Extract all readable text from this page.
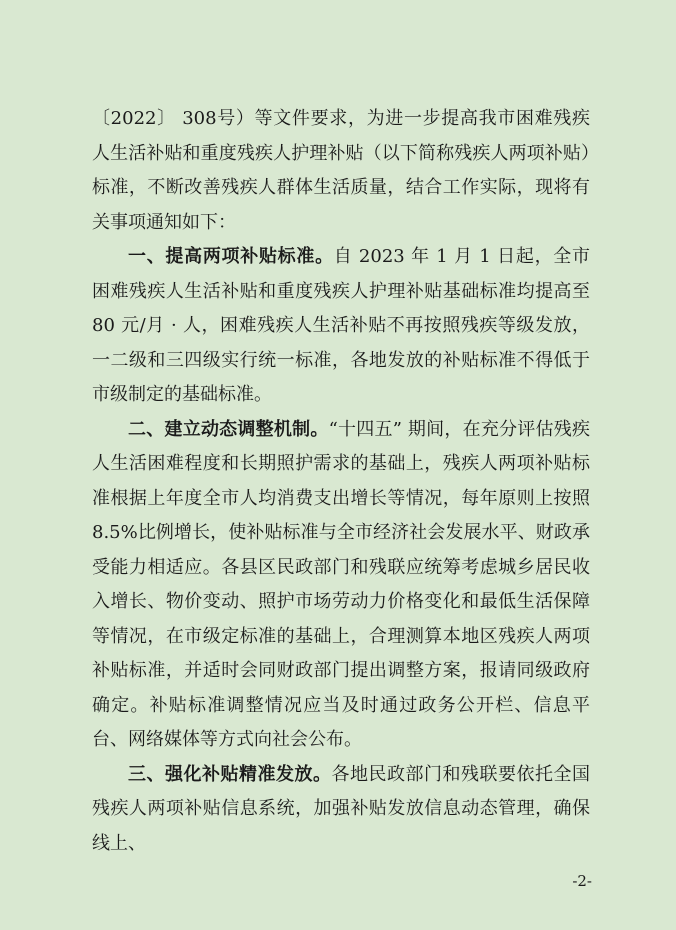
〔2022〕 308号）等文件要求，为进一步提高我市困难残疾人生活补贴和重度残疾人护理补贴（以下简称残疾人两项补贴）标准，不断改善残疾人群体生活质量，结合工作实际，现将有关事项通知如下：

一、提高两项补贴标准。自 2023 年 1 月 1 日起，全市困难残疾人生活补贴和重度残疾人护理补贴基础标准均提高至 80 元/月 · 人，困难残疾人生活补贴不再按照残疾等级发放，一二级和三四级实行统一标准，各地发放的补贴标准不得低于市级制定的基础标准。

二、建立动态调整机制。“十四五” 期间，在充分评估残疾人生活困难程度和长期照护需求的基础上，残疾人两项补贴标准根据上年度全市人均消费支出增长等情况，每年原则上按照 8.5%比例增长，使补贴标准与全市经济社会发展水平、财政承受能力相适应。各县区民政部门和残联应统筹考虑城乡居民收入增长、物价变动、照护市场劳动力价格变化和最低生活保障等情况，在市级定标准的基础上，合理测算本地区残疾人两项补贴标准，并适时会同财政部门提出调整方案，报请同级政府确定。补贴标准调整情况应当及时通过政务公开栏、信息平台、网络媒体等方式向社会公布。

三、强化补贴精准发放。各地民政部门和残联要依托全国残疾人两项补贴信息系统，加强补贴发放信息动态管理，确保线上、

-2-
